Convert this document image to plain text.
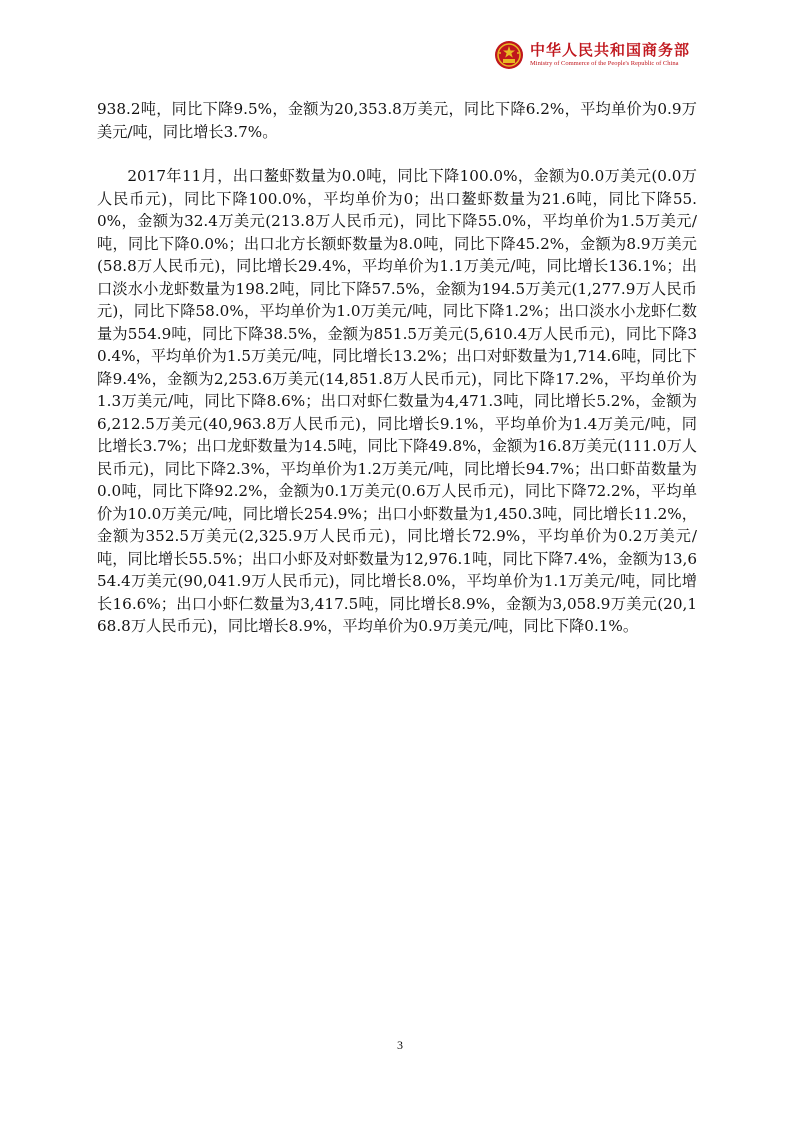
中华人民共和国商务部
Ministry of Commerce of the People's Republic of China

938.2吨，同比下降9.5%，金额为20,353.8万美元，同比下降6.2%，平均单价为0.9万美元/吨，同比增长3.7%。

2017年11月，出口鳌虾数量为0.0吨，同比下降100.0%，金额为0.0万美元(0.0万人民币元)，同比下降100.0%，平均单价为0；出口鳌虾数量为21.6吨，同比下降55.0%，金额为32.4万美元(213.8万人民币元)，同比下降55.0%，平均单价为1.5万美元/吨，同比下降0.0%；出口北方长额虾数量为8.0吨，同比下降45.2%，金额为8.9万美元(58.8万人民币元)，同比增长29.4%，平均单价为1.1万美元/吨，同比增长136.1%；出口淡水小龙虾数量为198.2吨，同比下降57.5%，金额为194.5万美元(1,277.9万人民币元)，同比下降58.0%，平均单价为1.0万美元/吨，同比下降1.2%；出口淡水小龙虾仁数量为554.9吨，同比下降38.5%，金额为851.5万美元(5,610.4万人民币元)，同比下降30.4%，平均单价为1.5万美元/吨，同比增长13.2%；出口对虾数量为1,714.6吨，同比下降9.4%，金额为2,253.6万美元(14,851.8万人民币元)，同比下降17.2%，平均单价为1.3万美元/吨，同比下降8.6%；出口对虾仁数量为4,471.3吨，同比增长5.2%，金额为6,212.5万美元(40,963.8万人民币元)，同比增长9.1%，平均单价为1.4万美元/吨，同比增长3.7%；出口龙虾数量为14.5吨，同比下降49.8%，金额为16.8万美元(111.0万人民币元)，同比下降2.3%，平均单价为1.2万美元/吨，同比增长94.7%；出口虾苗数量为0.0吨，同比下降92.2%，金额为0.1万美元(0.6万人民币元)，同比下降72.2%，平均单价为10.0万美元/吨，同比增长254.9%；出口小虾数量为1,450.3吨，同比增长11.2%，金额为352.5万美元(2,325.9万人民币元)，同比增长72.9%，平均单价为0.2万美元/吨，同比增长55.5%；出口小虾及对虾数量为12,976.1吨，同比下降7.4%，金额为13,654.4万美元(90,041.9万人民币元)，同比增长8.0%，平均单价为1.1万美元/吨，同比增长16.6%；出口小虾仁数量为3,417.5吨，同比增长8.9%，金额为3,058.9万美元(20,168.8万人民币元)，同比增长8.9%，平均单价为0.9万美元/吨，同比下降0.1%。

3
